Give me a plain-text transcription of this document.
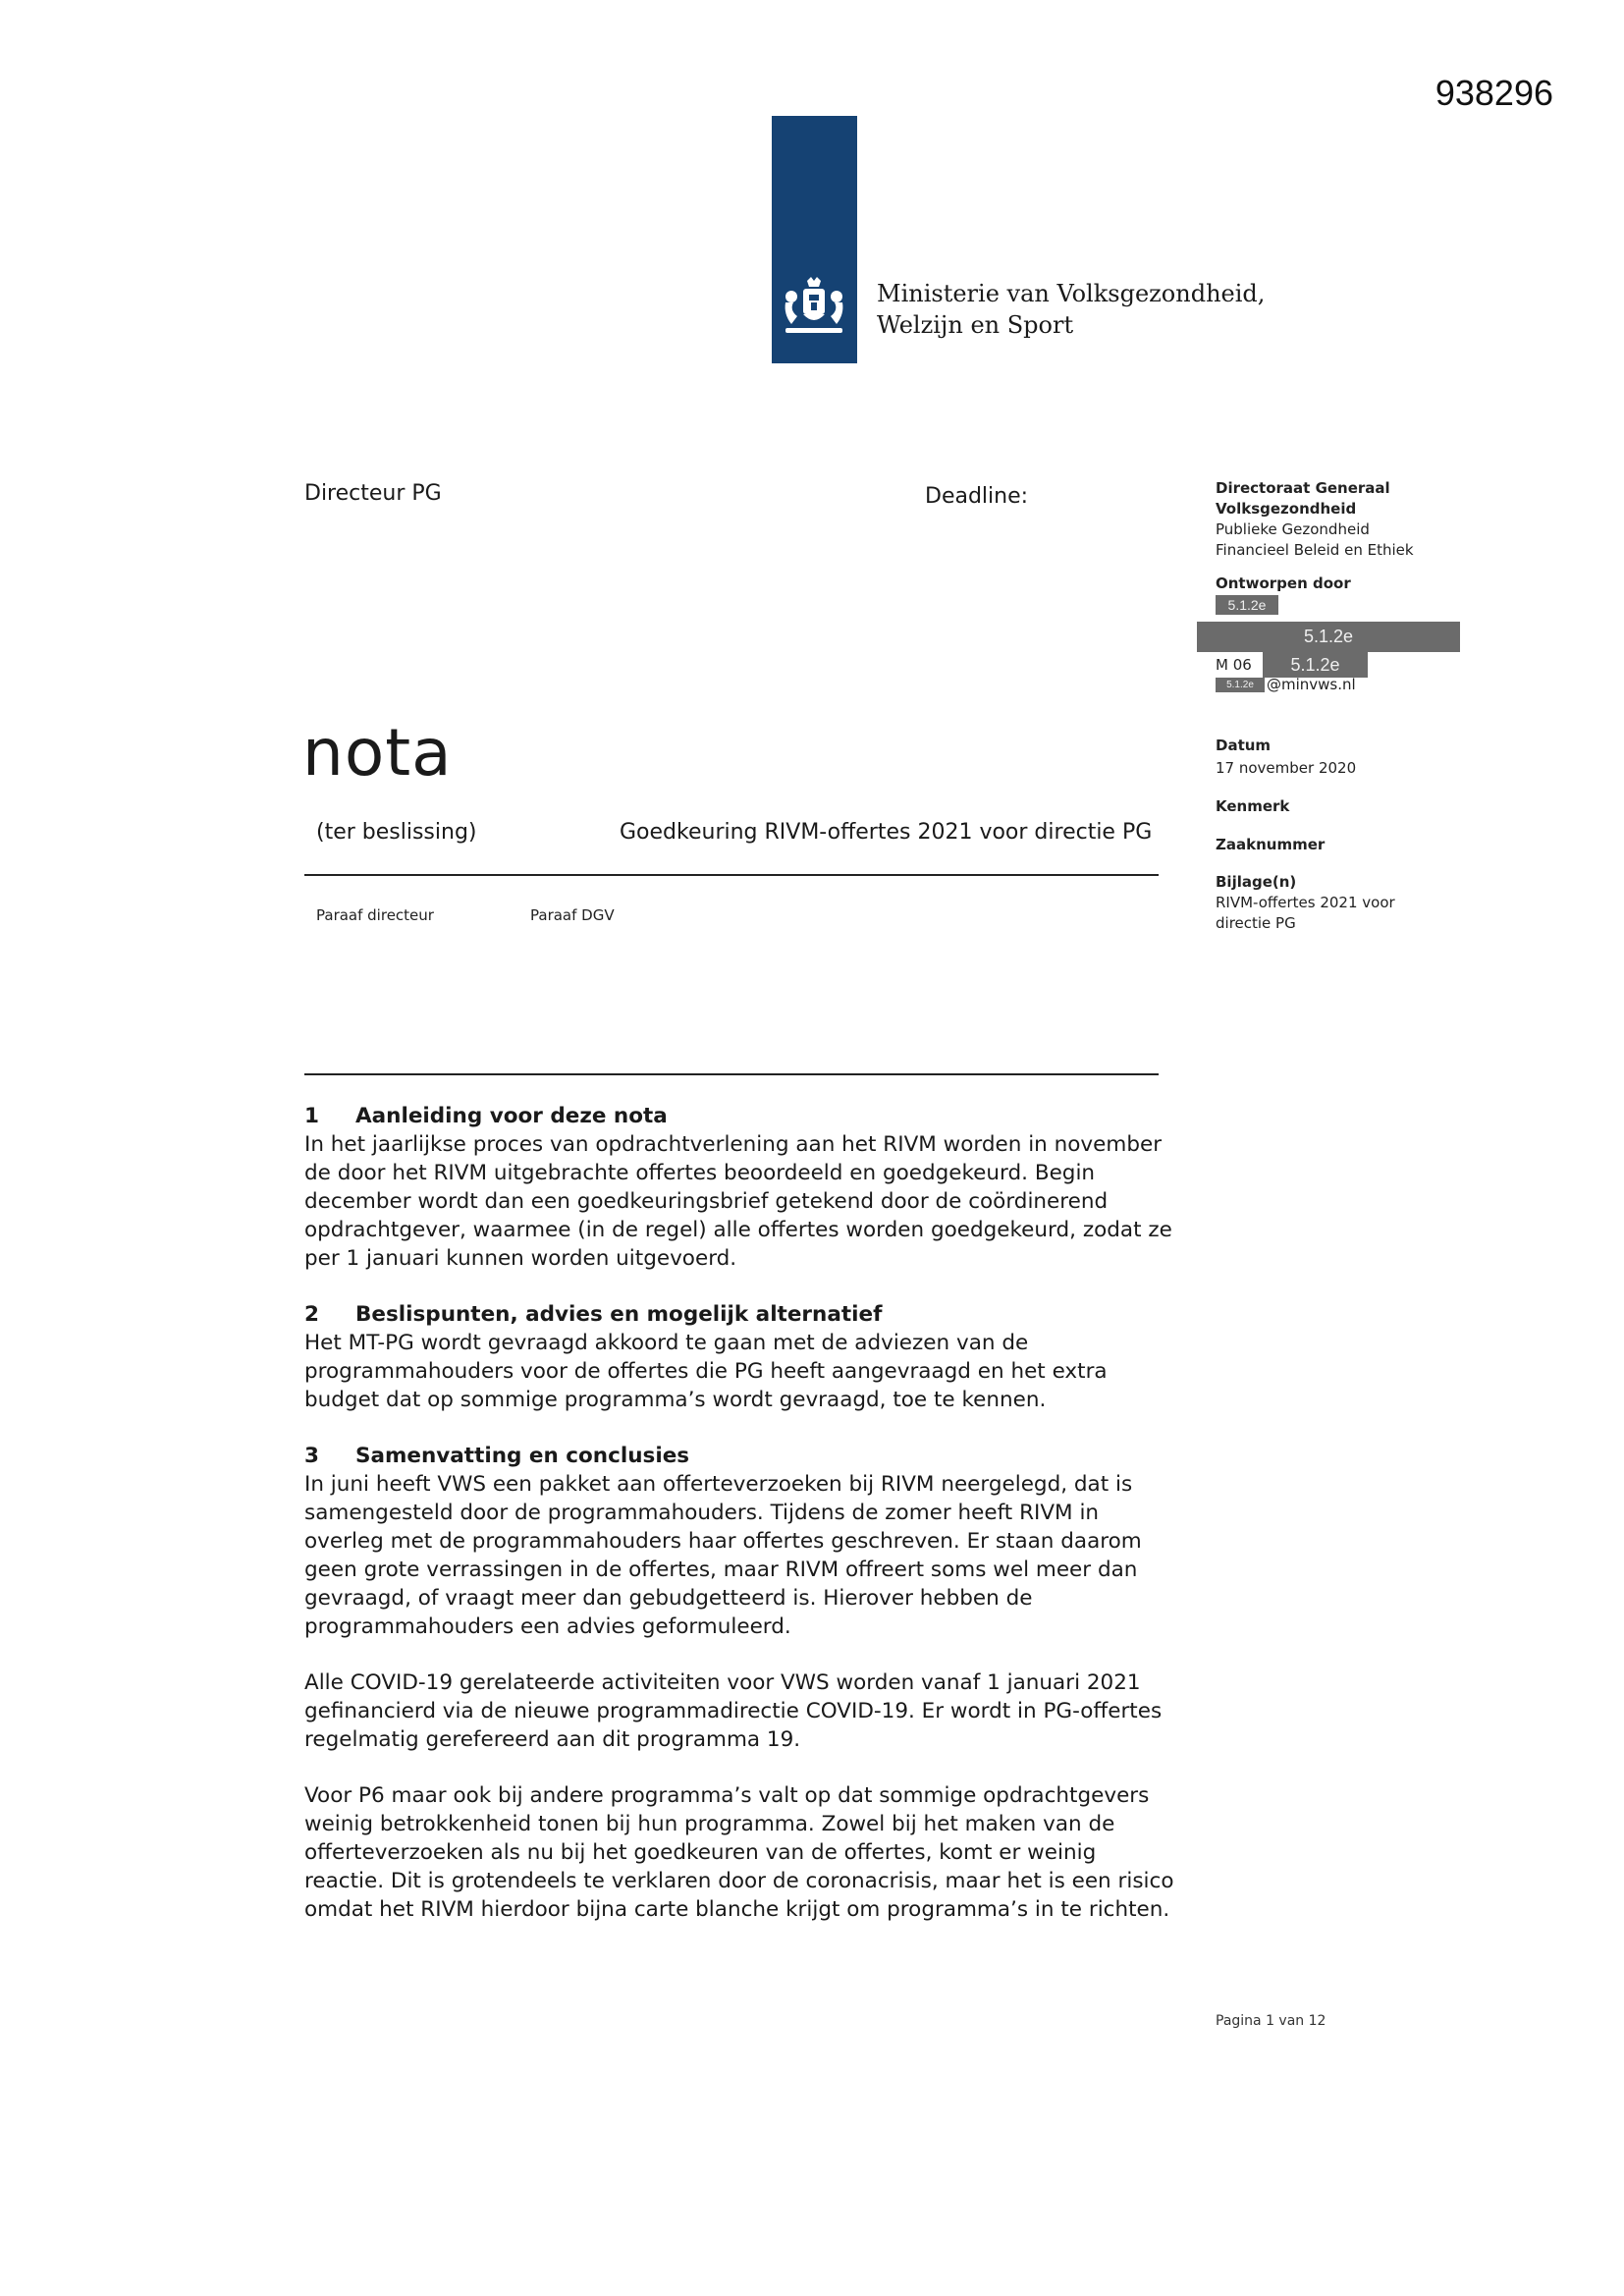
938296
Ministerie van Volksgezondheid,
Welzijn en Sport
Directeur PG	Deadline:	Directoraat Generaal
Volksgezondheid
Publieke Gezondheid
Financieel Beleid en Ethiek
Ontworpen door
5.1.2e
5.1.2e
M 06	5.1.2e
5.1.2e @minvws.nl
Datum
17 november 2020
Kenmerk
Zaaknummer
Bijlage(n)
RIVM-offertes 2021 voor
directie PG
nota
(ter beslissing)	Goedkeuring RIVM-offertes 2021 voor directie PG
Paraaf directeur	Paraaf DGV
1 Aanleiding voor deze nota

In het jaarlijkse proces van opdrachtverlening aan het RIVM worden in november

de door het RIVM uitgebrachte offertes beoordeeld en goedgekeurd. Begin

december wordt dan een goedkeuringsbrief getekend door de coördinerend

opdrachtgever, waarmee (in de regel) alle offertes worden goedgekeurd, zodat ze

per 1 januari kunnen worden uitgevoerd.

2 Beslispunten, advies en mogelijk alternatief

Het MT-PG wordt gevraagd akkoord te gaan met de adviezen van de

programmahouders voor de offertes die PG heeft aangevraagd en het extra

budget dat op sommige programma’s wordt gevraagd, toe te kennen.

3 Samenvatting en conclusies

In juni heeft VWS een pakket aan offerteverzoeken bij RIVM neergelegd, dat is

samengesteld door de programmahouders. Tijdens de zomer heeft RIVM in

overleg met de programmahouders haar offertes geschreven. Er staan daarom

geen grote verrassingen in de offertes, maar RIVM offreert soms wel meer dan

gevraagd, of vraagt meer dan gebudgetteerd is. Hierover hebben de

programmahouders een advies geformuleerd.

Alle COVID-19 gerelateerde activiteiten voor VWS worden vanaf 1 januari 2021

gefinancierd via de nieuwe programmadirectie COVID-19. Er wordt in PG-offertes

regelmatig gerefereerd aan dit programma 19.

Voor P6 maar ook bij andere programma’s valt op dat sommige opdrachtgevers

weinig betrokkenheid tonen bij hun programma. Zowel bij het maken van de

offerteverzoeken als nu bij het goedkeuren van de offertes, komt er weinig

reactie. Dit is grotendeels te verklaren door de coronacrisis, maar het is een risico

omdat het RIVM hierdoor bijna carte blanche krijgt om programma’s in te richten.

Pagina 1 van 12
